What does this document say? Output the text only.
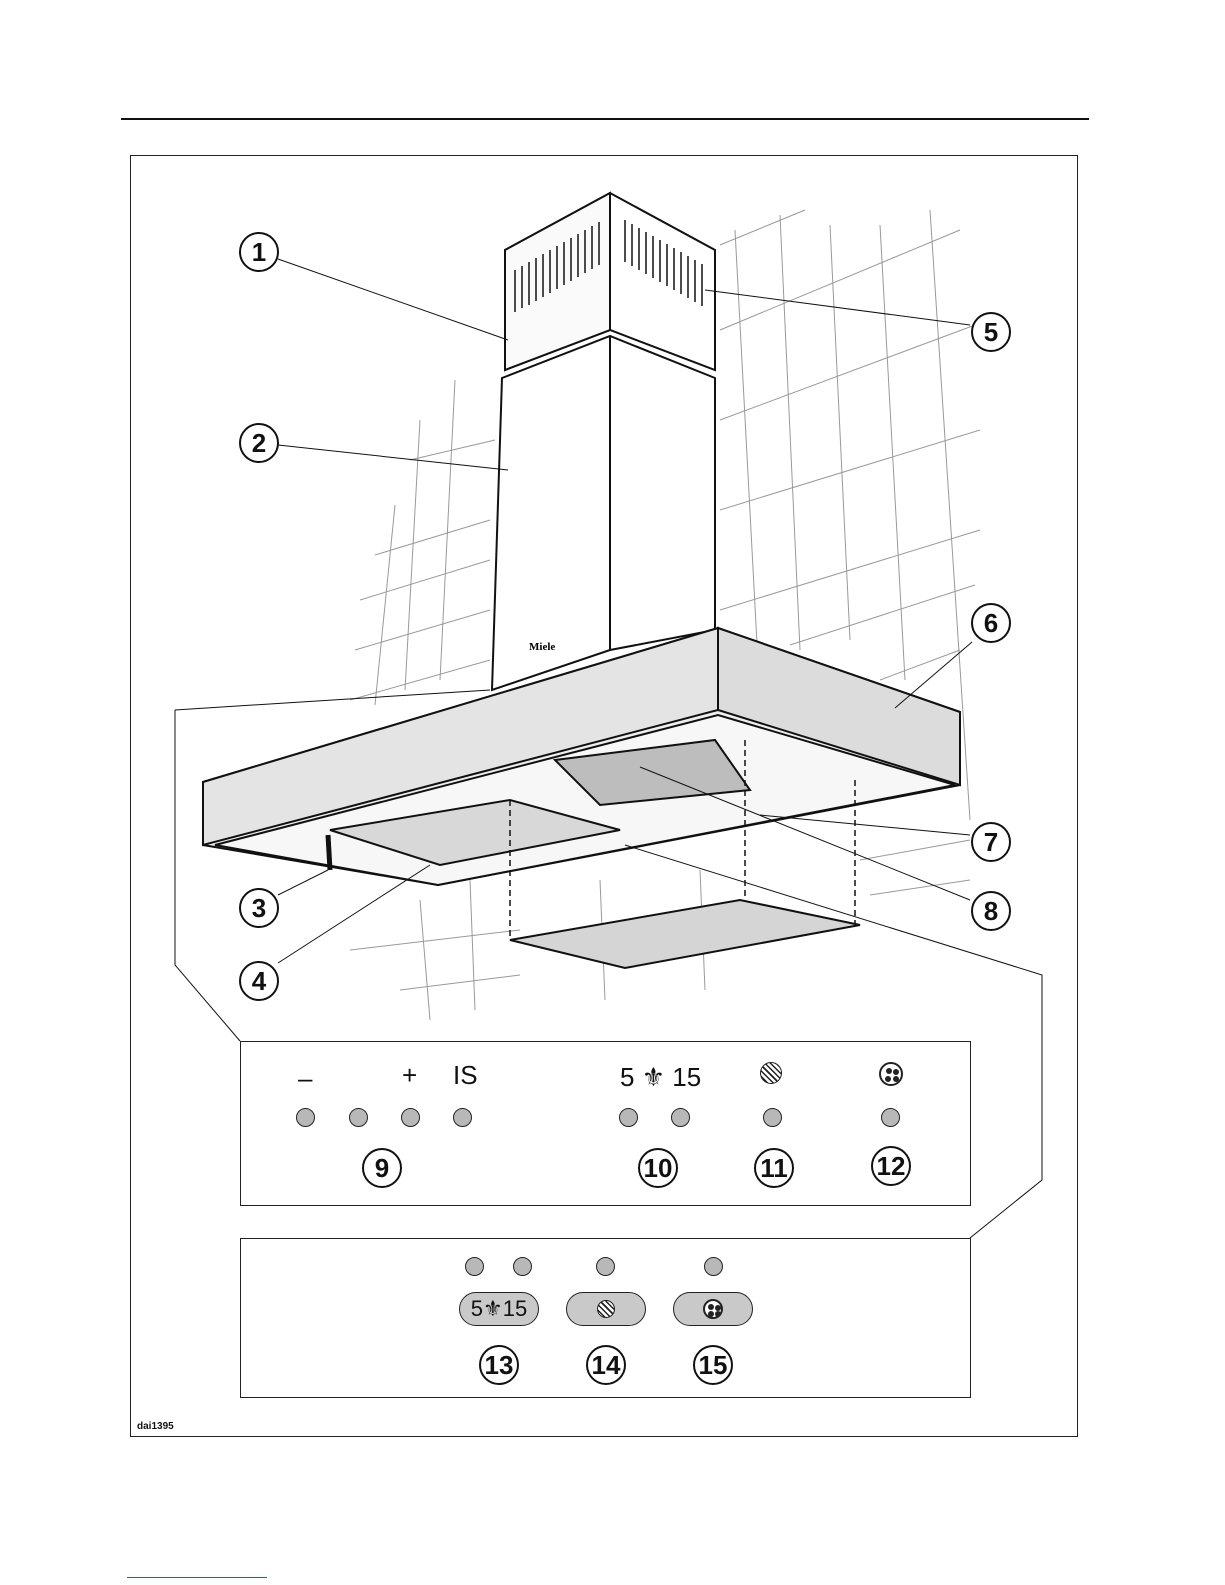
Miele
1
2
3
4
5
6
7
8
–	+ IS	5 ⚜ 15
9	10	11	12
5 ⚜ 15
13	14	15
dai1395
